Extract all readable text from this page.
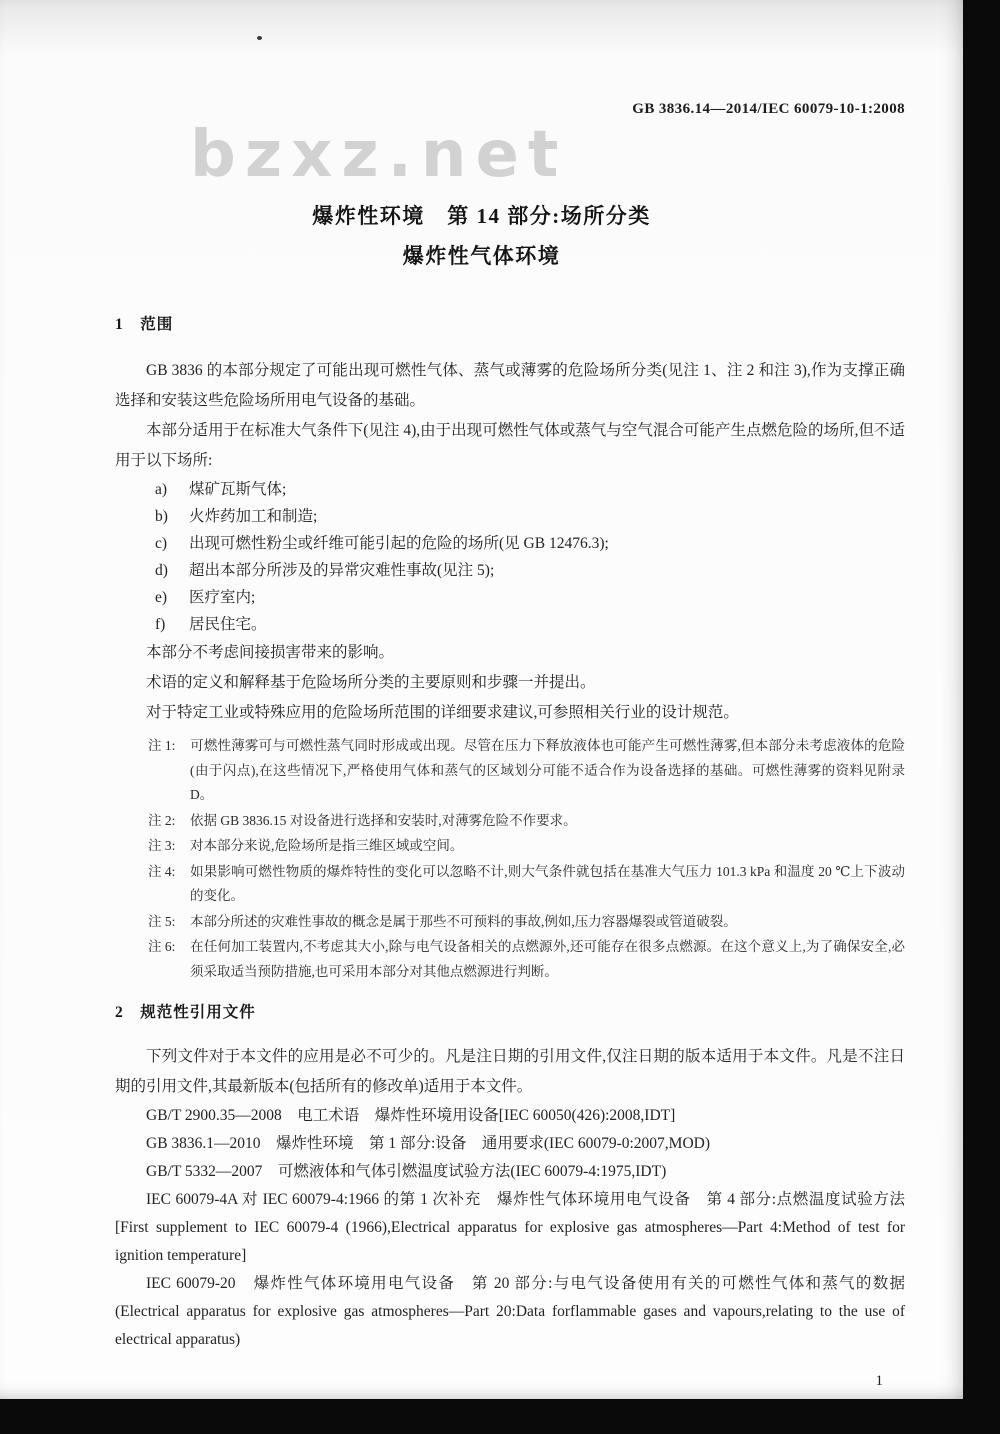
GB 3836.14—2014/IEC 60079-10-1:2008
bzxz.net
爆炸性环境　第 14 部分:场所分类
爆炸性气体环境
1　范围

GB 3836 的本部分规定了可能出现可燃性气体、蒸气或薄雾的危险场所分类(见注 1、注 2 和注 3),作为支撑正确选择和安装这些危险场所用电气设备的基础。

本部分适用于在标准大气条件下(见注 4),由于出现可燃性气体或蒸气与空气混合可能产生点燃危险的场所,但不适用于以下场所:

a) 煤矿瓦斯气体;
b) 火炸药加工和制造;
c) 出现可燃性粉尘或纤维可能引起的危险的场所(见 GB 12476.3);
d) 超出本部分所涉及的异常灾难性事故(见注 5);
e) 医疗室内;
f) 居民住宅。

本部分不考虑间接损害带来的影响。

术语的定义和解释基于危险场所分类的主要原则和步骤一并提出。

对于特定工业或特殊应用的危险场所范围的详细要求建议,可参照相关行业的设计规范。

注 1: 可燃性薄雾可与可燃性蒸气同时形成或出现。尽管在压力下释放液体也可能产生可燃性薄雾,但本部分未考虑液体的危险(由于闪点),在这些情况下,严格使用气体和蒸气的区域划分可能不适合作为设备选择的基础。可燃性薄雾的资料见附录 D。
注 2: 依据 GB 3836.15 对设备进行选择和安装时,对薄雾危险不作要求。
注 3: 对本部分来说,危险场所是指三维区域或空间。
注 4: 如果影响可燃性物质的爆炸特性的变化可以忽略不计,则大气条件就包括在基准大气压力 101.3 kPa 和温度 20 ℃上下波动的变化。
注 5: 本部分所述的灾难性事故的概念是属于那些不可预料的事故,例如,压力容器爆裂或管道破裂。
注 6: 在任何加工装置内,不考虑其大小,除与电气设备相关的点燃源外,还可能存在很多点燃源。在这个意义上,为了确保安全,必须采取适当预防措施,也可采用本部分对其他点燃源进行判断。
2　规范性引用文件

下列文件对于本文件的应用是必不可少的。凡是注日期的引用文件,仅注日期的版本适用于本文件。凡是不注日期的引用文件,其最新版本(包括所有的修改单)适用于本文件。

GB/T 2900.35—2008　电工术语　爆炸性环境用设备[IEC 60050(426):2008,IDT]

GB 3836.1—2010　爆炸性环境　第 1 部分:设备　通用要求(IEC 60079-0:2007,MOD)

GB/T 5332—2007　可燃液体和气体引燃温度试验方法(IEC 60079-4:1975,IDT)

IEC 60079-4A 对 IEC 60079-4:1966 的第 1 次补充　爆炸性气体环境用电气设备　第 4 部分:点燃温度试验方法[First supplement to IEC 60079-4 (1966),Electrical apparatus for explosive gas atmospheres—Part 4:Method of test for ignition temperature]

IEC 60079-20　爆炸性气体环境用电气设备　第 20 部分:与电气设备使用有关的可燃性气体和蒸气的数据(Electrical apparatus for explosive gas atmospheres—Part 20:Data forflammable gases and vapours,relating to the use of electrical apparatus)

1
